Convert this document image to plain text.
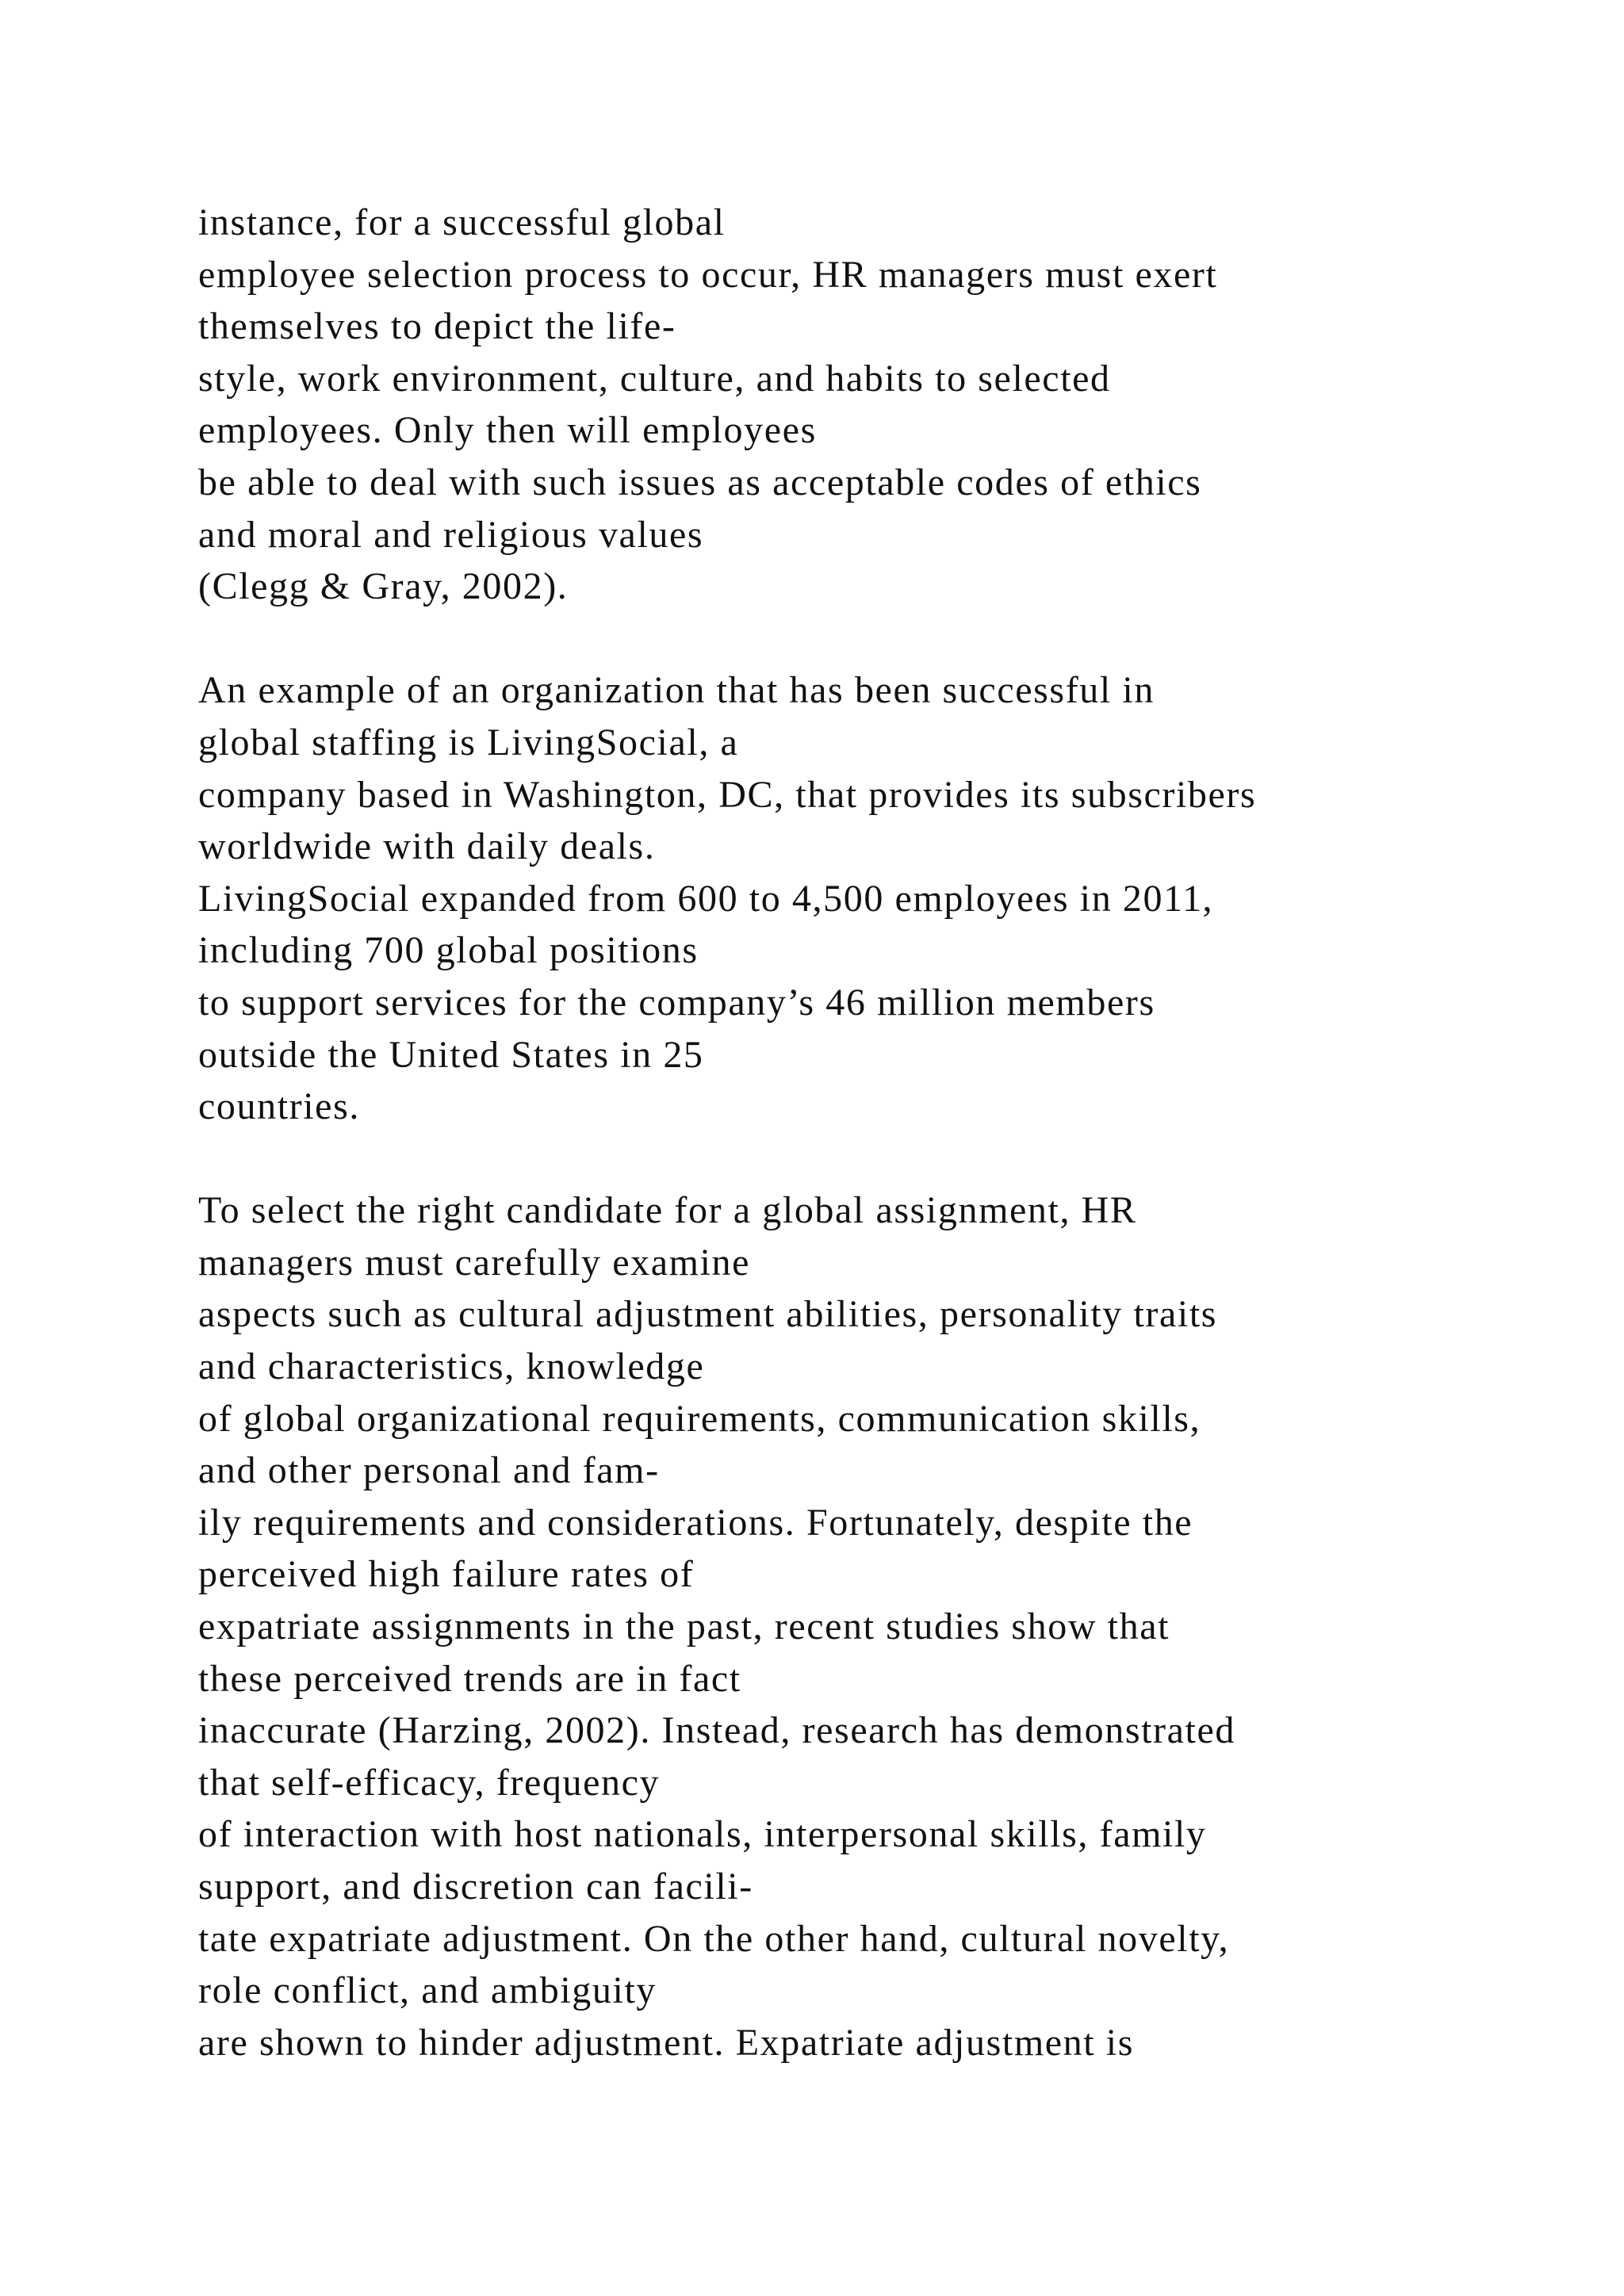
instance, for a successful global
employee selection process to occur, HR managers must exert
themselves to depict the life-
style, work environment, culture, and habits to selected
employees. Only then will employees
be able to deal with such issues as acceptable codes of ethics
and moral and religious values
(Clegg & Gray, 2002).
An example of an organization that has been successful in
global staffing is LivingSocial, a
company based in Washington, DC, that provides its subscribers
worldwide with daily deals.
LivingSocial expanded from 600 to 4,500 employees in 2011,
including 700 global positions
to support services for the company’s 46 million members
outside the United States in 25
countries.
To select the right candidate for a global assignment, HR
managers must carefully examine
aspects such as cultural adjustment abilities, personality traits
and characteristics, knowledge
of global organizational requirements, communication skills,
and other personal and fam-
ily requirements and considerations. Fortunately, despite the
perceived high failure rates of
expatriate assignments in the past, recent studies show that
these perceived trends are in fact
inaccurate (Harzing, 2002). Instead, research has demonstrated
that self-efficacy, frequency
of interaction with host nationals, interpersonal skills, family
support, and discretion can facili-
tate expatriate adjustment. On the other hand, cultural novelty,
role conflict, and ambiguity
are shown to hinder adjustment. Expatriate adjustment is
